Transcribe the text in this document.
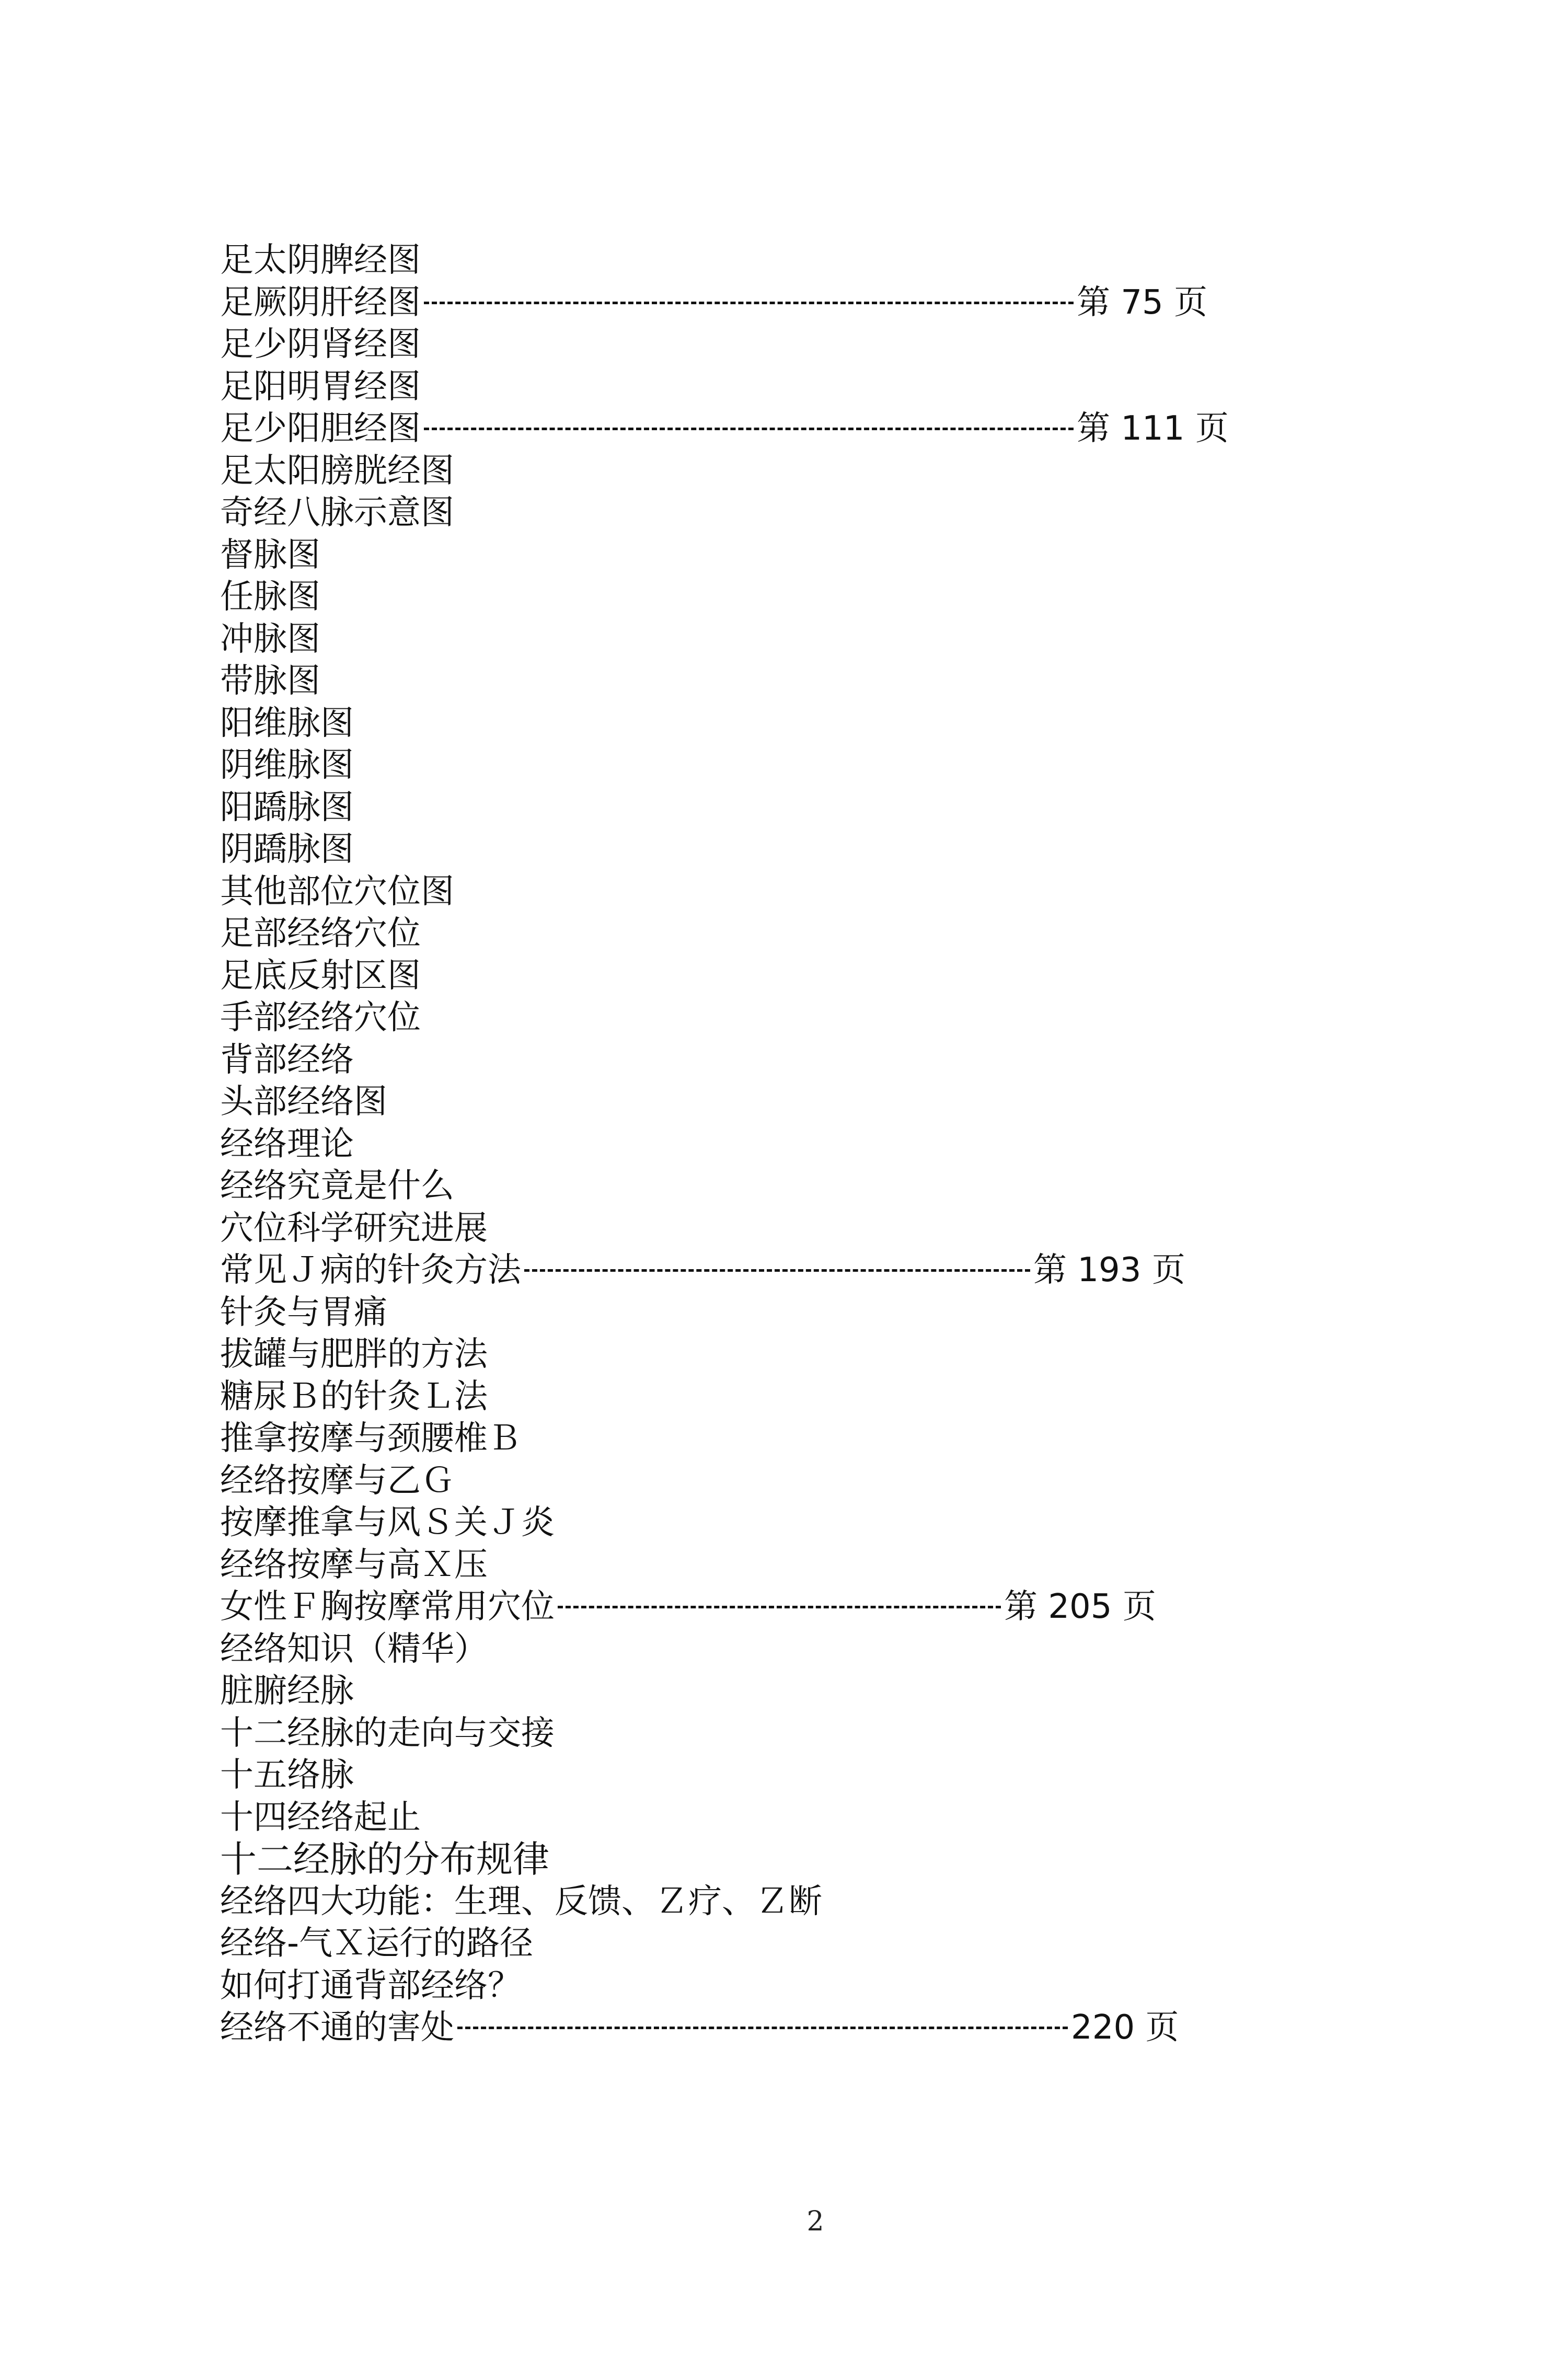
足太阴脾经图
足厥阴肝经图	第 75 页
足少阴肾经图
足阳明胃经图
足少阳胆经图	第 111 页
足太阳膀胱经图
奇经八脉示意图
督脉图
任脉图
冲脉图
带脉图
阳维脉图
阴维脉图
阳蹻脉图
阴蹻脉图
其他部位穴位图
足部经络穴位
足底反射区图
手部经络穴位
背部经络
头部经络图
经络理论
经络究竟是什么
穴位科学研究进展
常见Ｊ病的针灸方法	第 193 页
针灸与胃痛
拔罐与肥胖的方法
糖尿Ｂ的针灸Ｌ法
推拿按摩与颈腰椎Ｂ
经络按摩与乙Ｇ
按摩推拿与风Ｓ关Ｊ炎
经络按摩与高Ｘ压
女性Ｆ胸按摩常用穴位	第 205 页
经络知识（精华）
脏腑经脉
十二经脉的走向与交接
十五络脉
十四经络起止
十二经脉的分布规律
经络四大功能：生理、反馈、Ｚ疗、Ｚ断
经络-气Ｘ运行的路径
如何打通背部经络？
经络不通的害处	220 页
2
